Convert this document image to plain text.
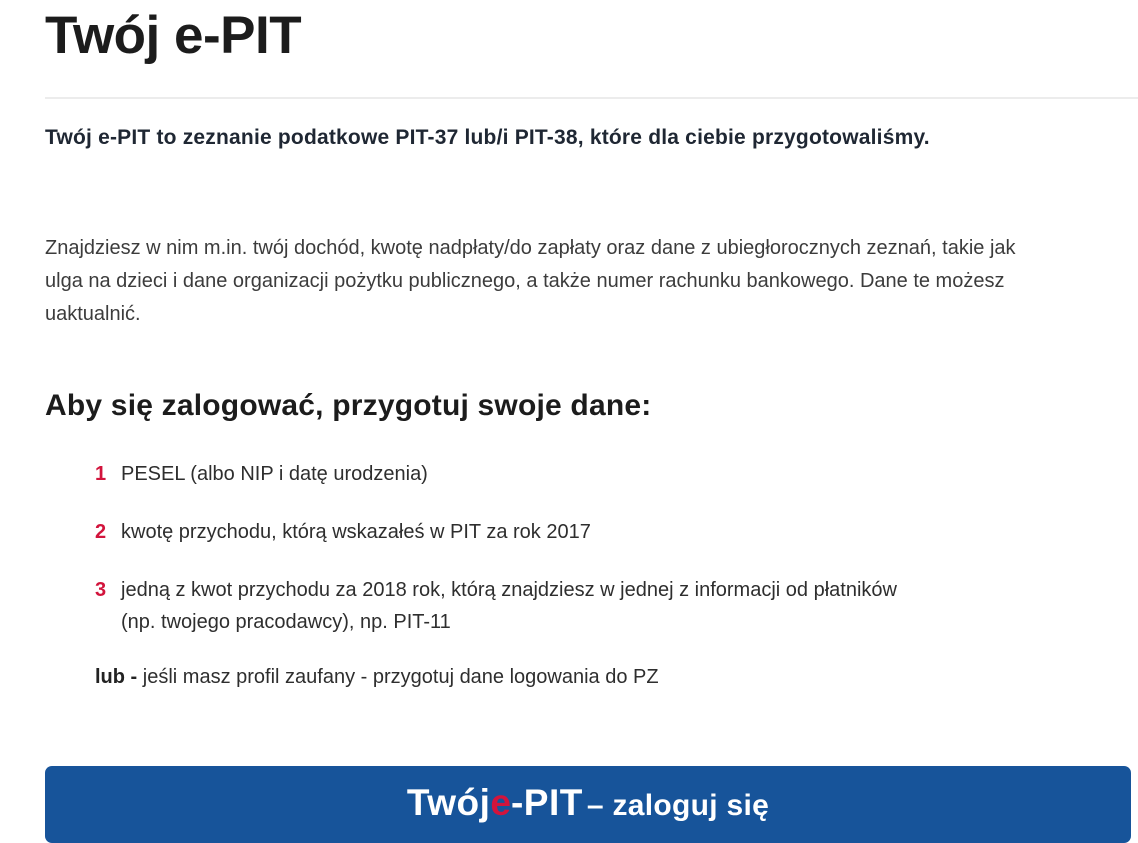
Twój e-PIT

Twój e-PIT to zeznanie podatkowe PIT-37 lub/i PIT-38, które dla ciebie przygotowaliśmy.

Znajdziesz w nim m.in. twój dochód, kwotę nadpłaty/do zapłaty oraz dane z ubiegłorocznych zeznań, takie jak
ulga na dzieci i dane organizacji pożytku publicznego, a także numer rachunku bankowego. Dane te możesz
uaktualnić.
Aby się zalogować, przygotuj swoje dane:
1 PESEL (albo NIP i datę urodzenia)
2 kwotę przychodu, którą wskazałeś w PIT za rok 2017
3 jedną z kwot przychodu za 2018 rok, którą znajdziesz w jednej z informacji od płatników
(np. twojego pracodawcy), np. PIT-11

lub - jeśli masz profil zaufany - przygotuj dane logowania do PZ

Twój e -PIT – zaloguj się
